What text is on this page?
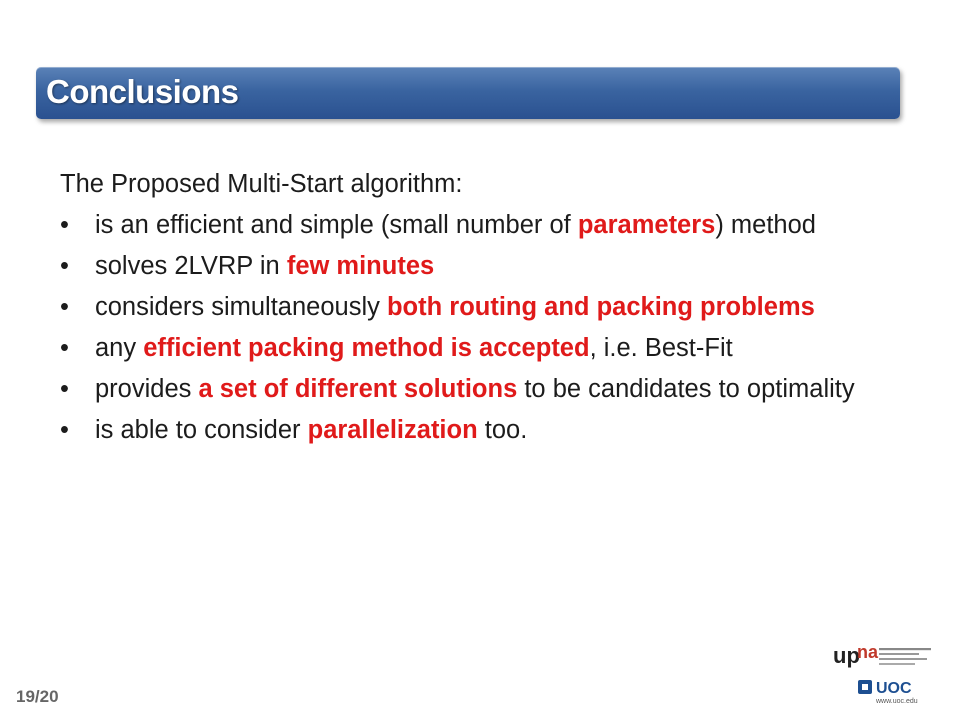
Conclusions
The Proposed Multi-Start algorithm:
•	is an efficient and simple (small number of parameters) method
•	solves 2LVRP in few minutes
•	considers simultaneously both routing and packing problems
•	any efficient packing method is accepted, i.e. Best-Fit
•	provides a set of different solutions to be candidates to optimality
•	is able to consider parallelization too.
19/20
up
na
UOC
www.uoc.edu
